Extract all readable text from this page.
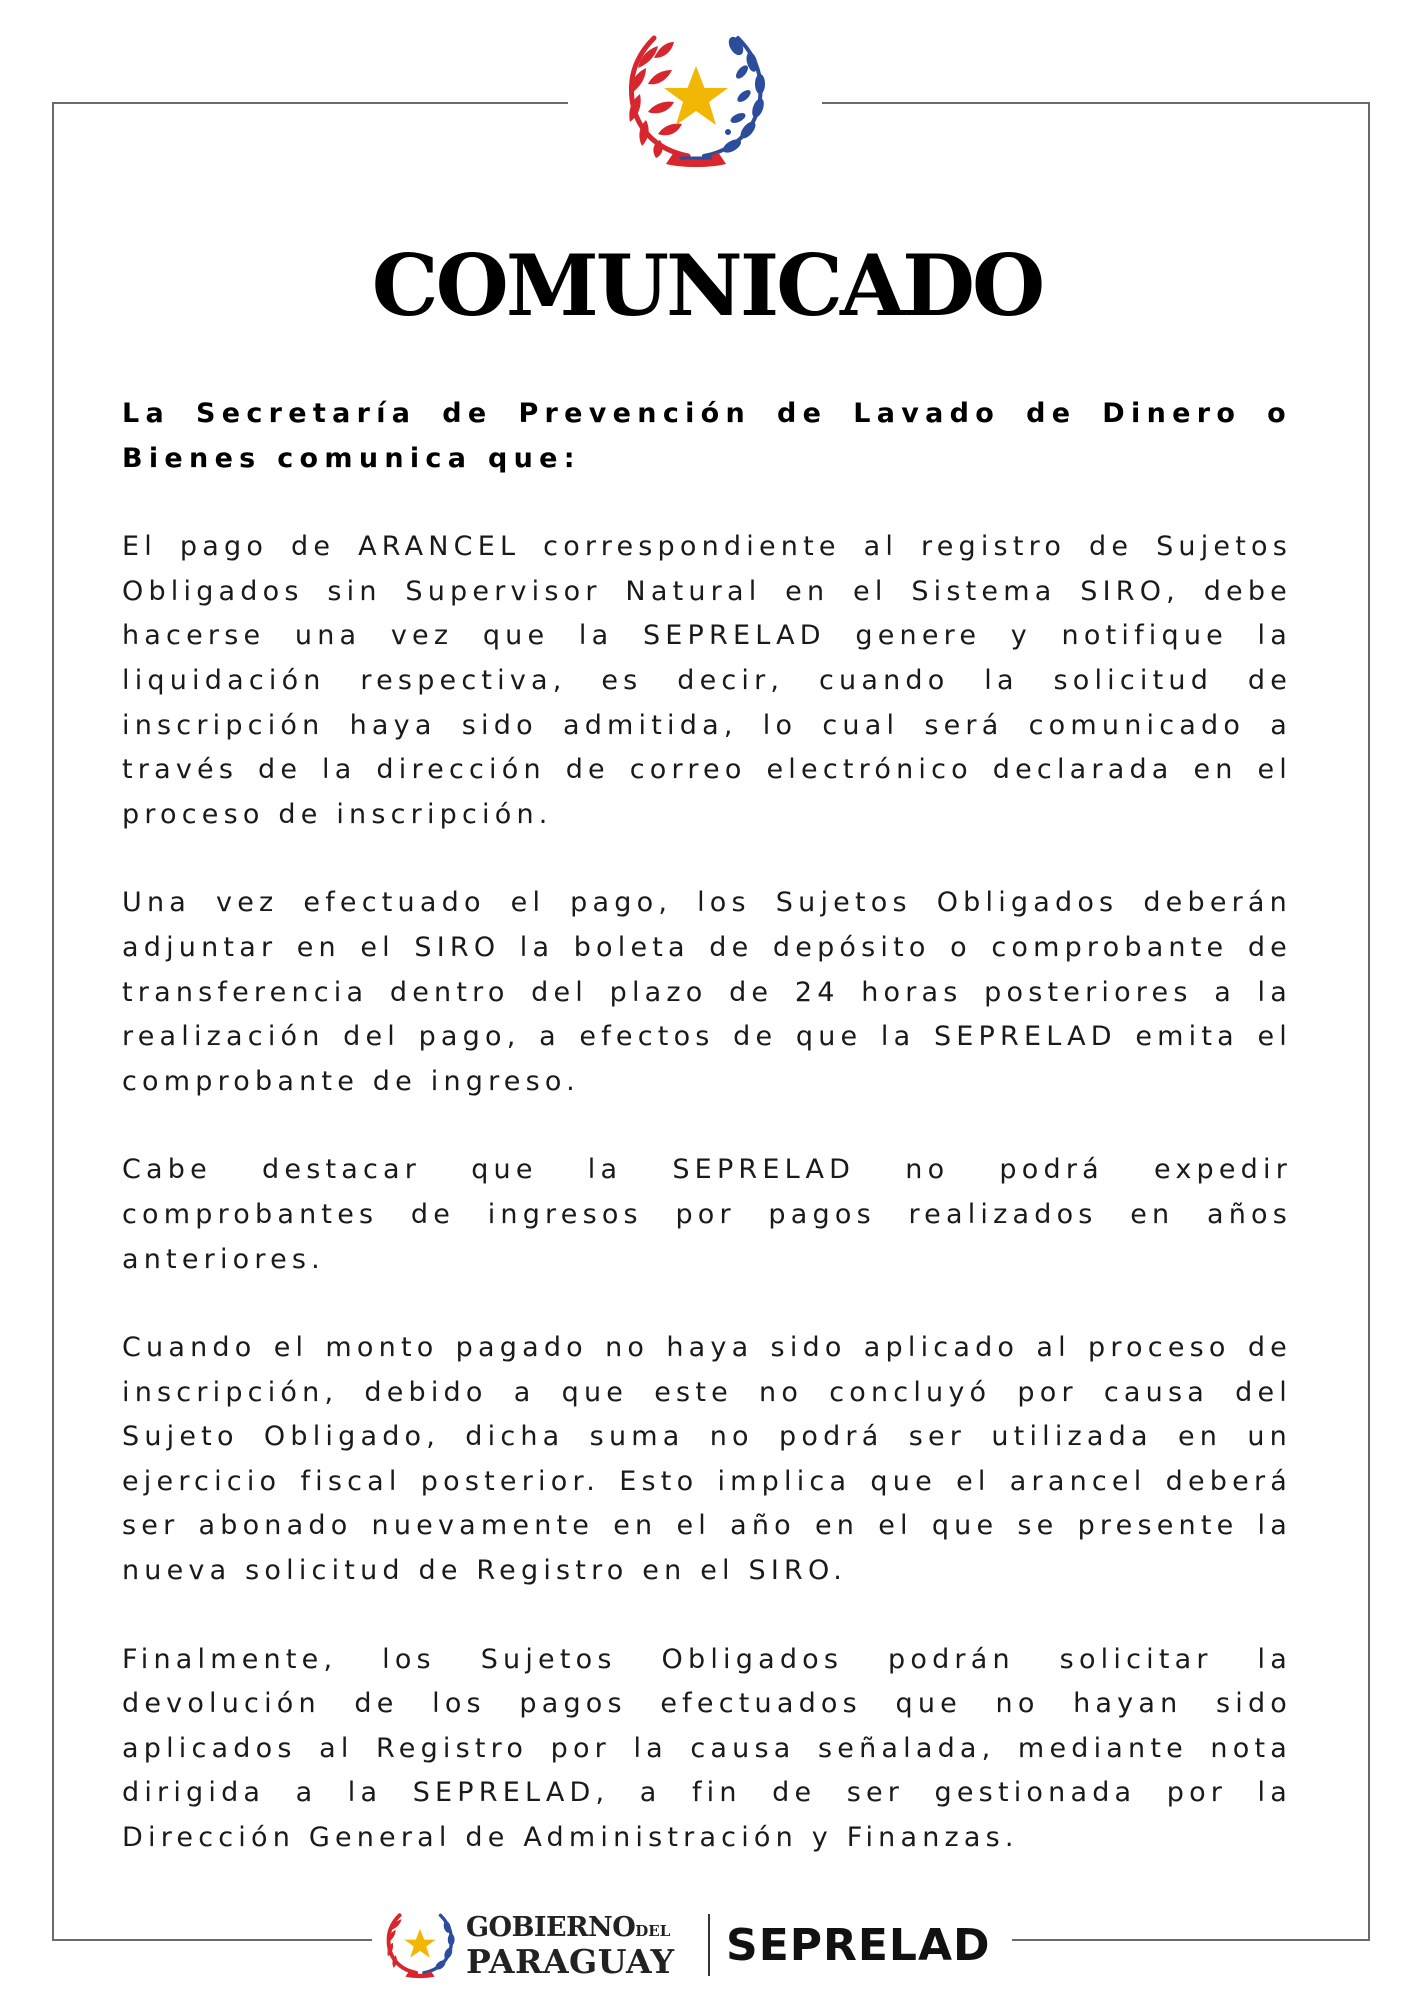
COMUNICADO

La Secretaría de Prevención de Lavado de Dinero o Bienes comunica que:

El pago de ARANCEL correspondiente al registro de Sujetos Obligados sin Supervisor Natural en el Sistema SIRO, debe hacerse una vez que la SEPRELAD genere y notifique la liquidación respectiva, es decir, cuando la solicitud de inscripción haya sido admitida, lo cual será comunicado a través de la dirección de correo electrónico declarada en el proceso de inscripción.

Una vez efectuado el pago, los Sujetos Obligados deberán adjuntar en el SIRO la boleta de depósito o comprobante de transferencia dentro del plazo de 24 horas posteriores a la realización del pago, a efectos de que la SEPRELAD emita el comprobante de ingreso.

Cabe destacar que la SEPRELAD no podrá expedir comprobantes de ingresos por pagos realizados en años anteriores.

Cuando el monto pagado no haya sido aplicado al proceso de inscripción, debido a que este no concluyó por causa del Sujeto Obligado, dicha suma no podrá ser utilizada en un ejercicio fiscal posterior. Esto implica que el arancel deberá ser abonado nuevamente en el año en el que se presente la nueva solicitud de Registro en el SIRO.

Finalmente, los Sujetos Obligados podrán solicitar la devolución de los pagos efectuados que no hayan sido aplicados al Registro por la causa señalada, mediante nota dirigida a la SEPRELAD, a fin de ser gestionada por la Dirección General de Administración y Finanzas.

GOBIERNODEL
PARAGUAY SEPRELAD
